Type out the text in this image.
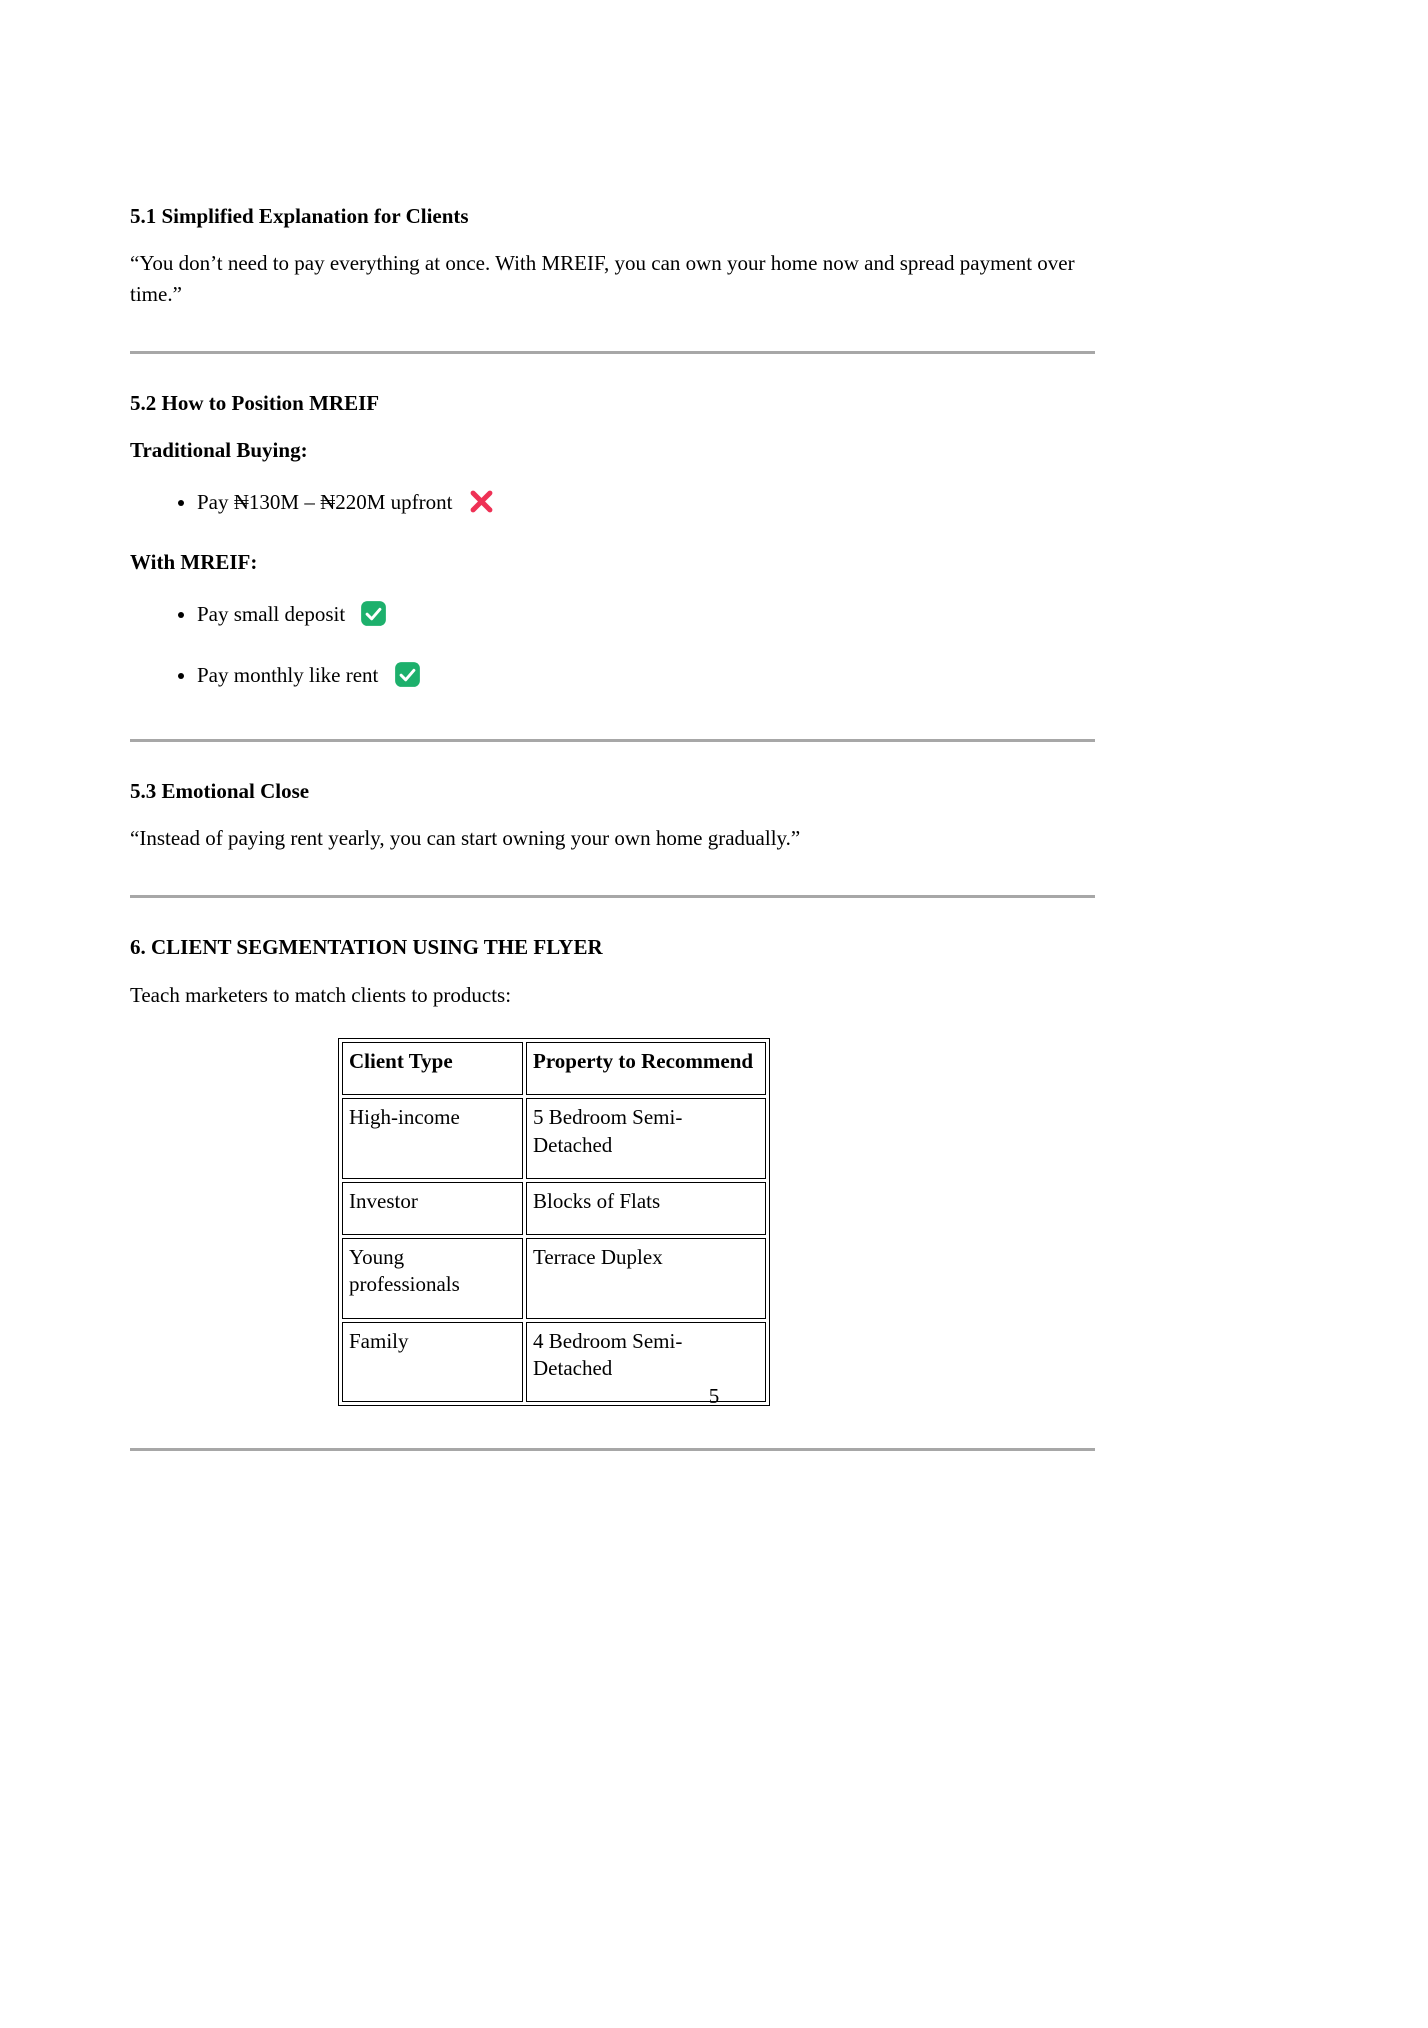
5.1 Simplified Explanation for Clients

“You don’t need to pay everything at once. With MREIF, you can own your home now and spread payment over time.”

5.2 How to Position MREIF

Traditional Buying:

• Pay ₦130M – ₦220M upfront

With MREIF:

• Pay small deposit
• Pay monthly like rent
5.3 Emotional Close

“Instead of paying rent yearly, you can start owning your own home gradually.”

6. CLIENT SEGMENTATION USING THE FLYER

Teach marketers to match clients to products:

Client Type	Property to Recommend
High-income	5 Bedroom Semi-Detached
Investor	Blocks of Flats
Young professionals	Terrace Duplex
Family	4 Bedroom Semi-Detached
5
